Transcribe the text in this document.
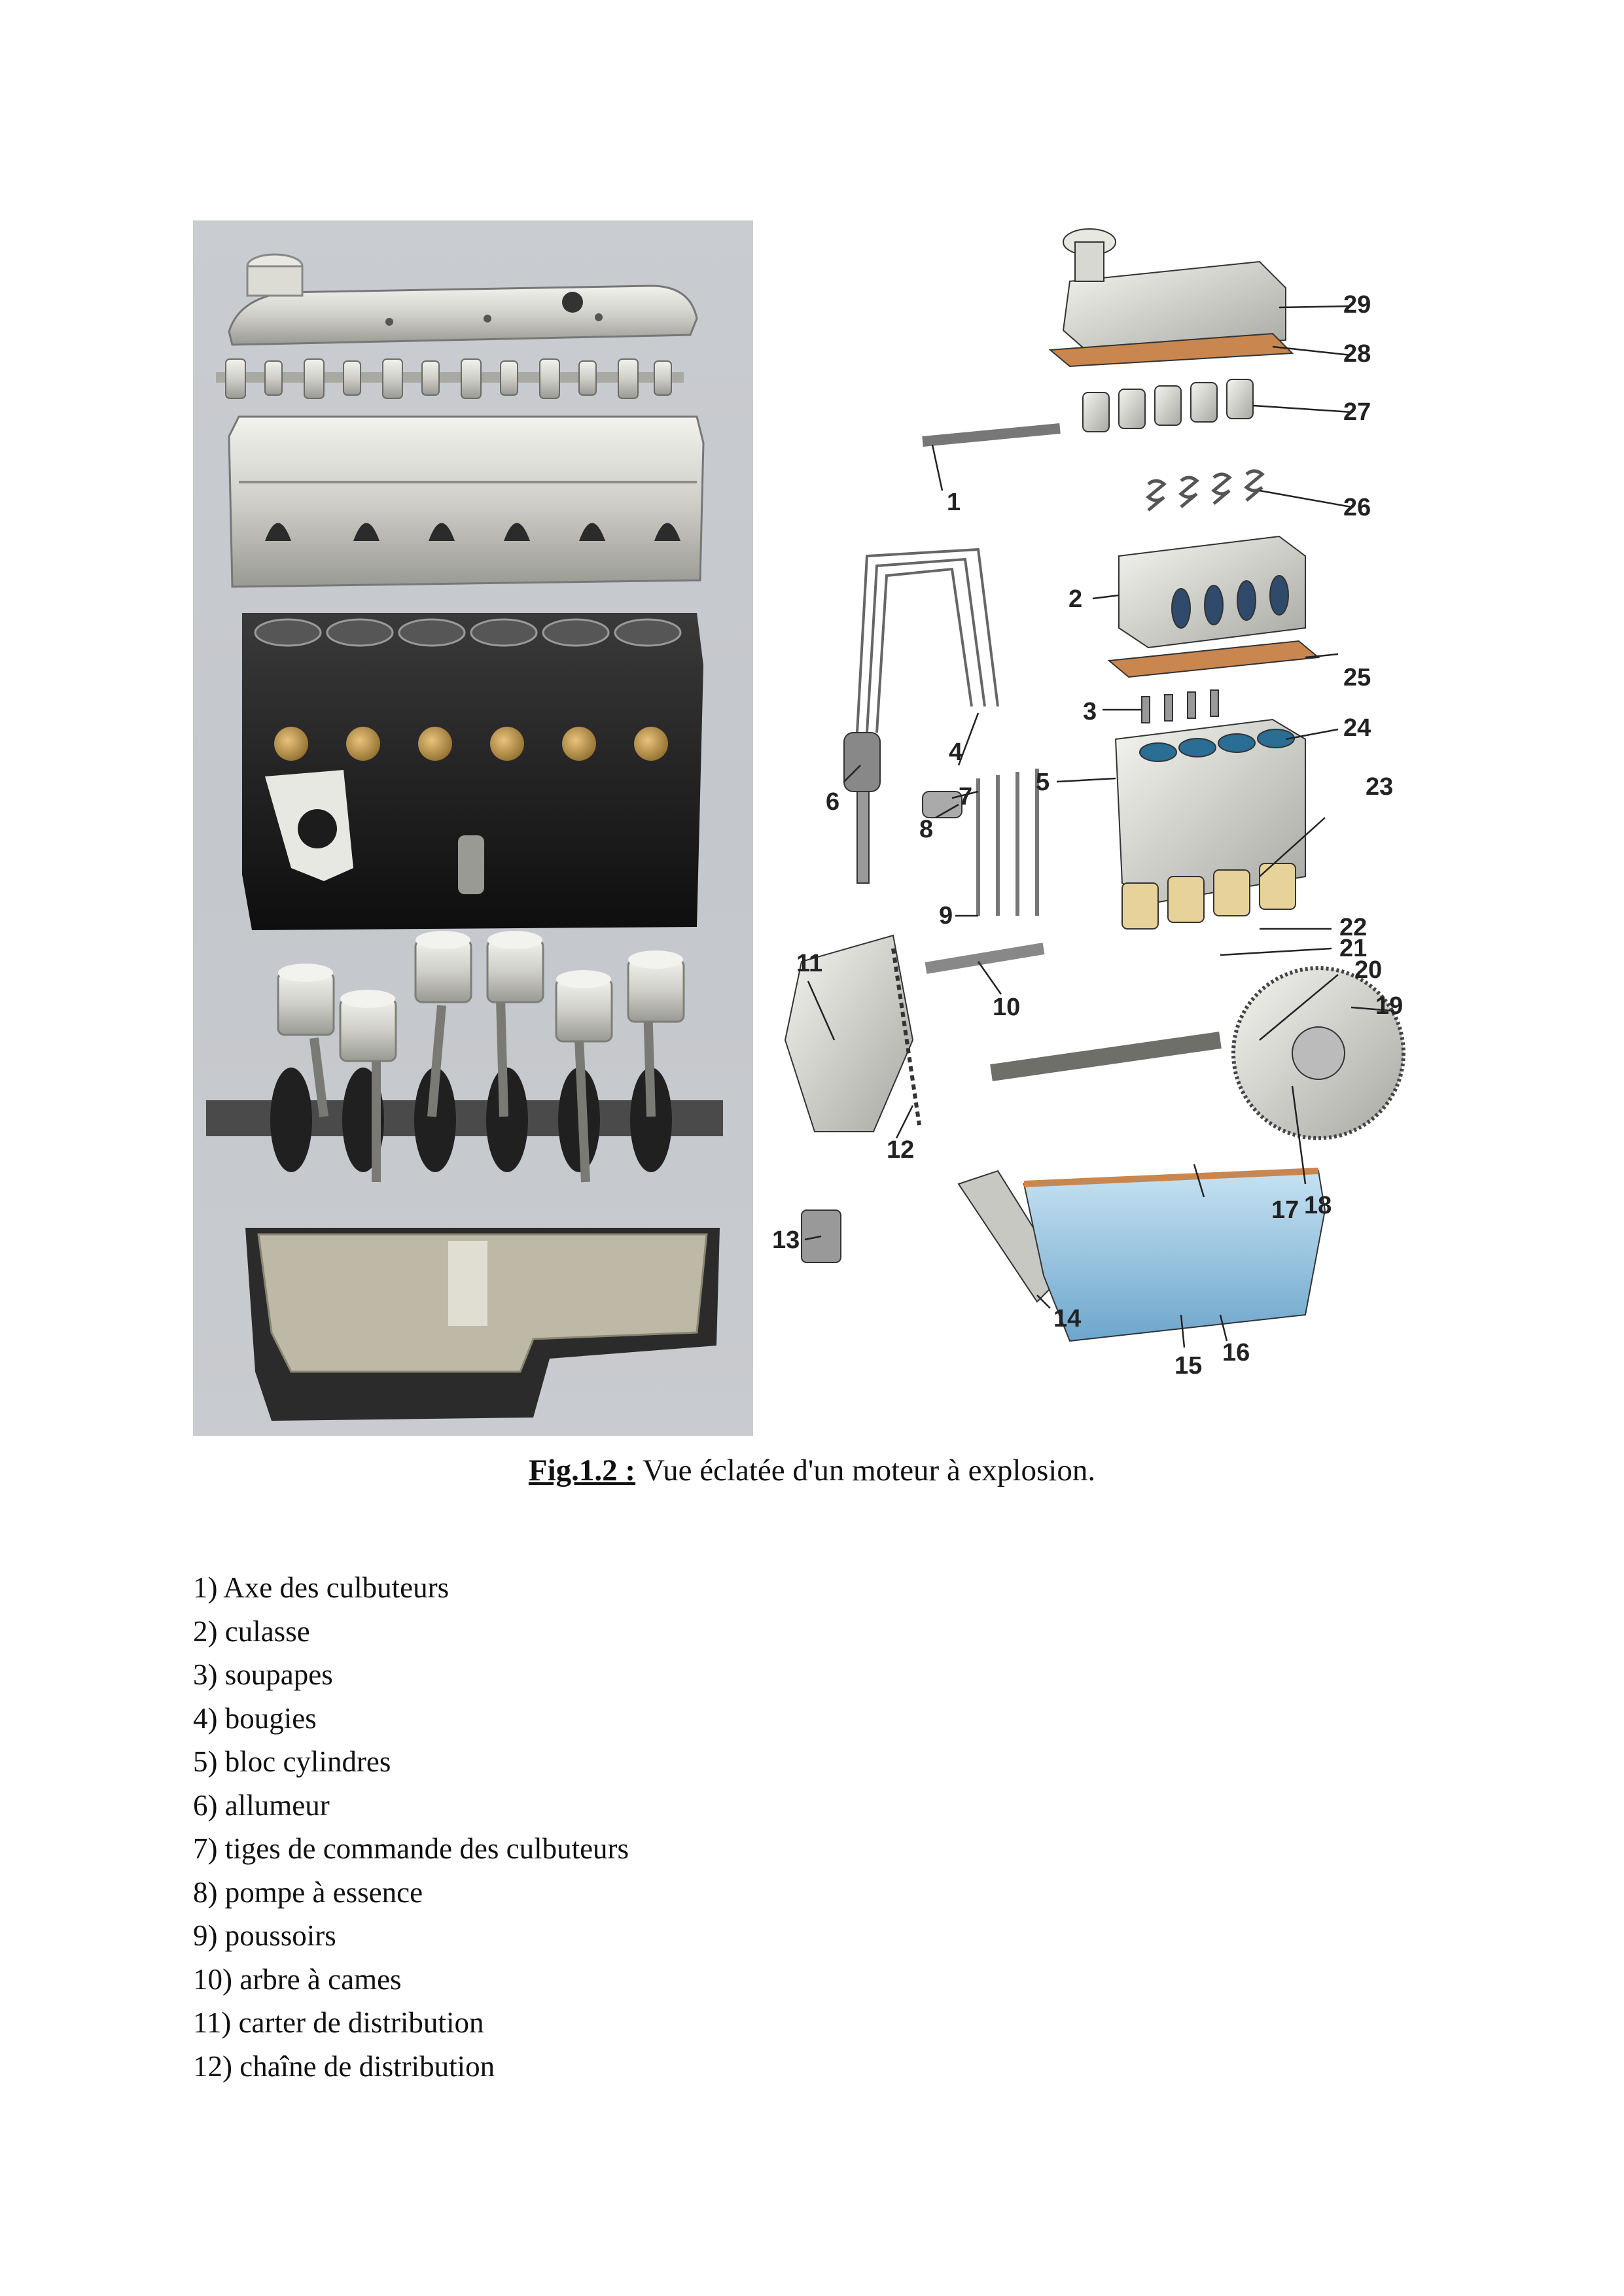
1
2
3
4
5
6	7
8
9
10
11
12
13
14
15 16
17 18
19
20
21
22
23
24
25
26
27
28
29
Fig.1.2 : Vue éclatée d'un moteur à explosion.
1) Axe des culbuteurs
2) culasse
3) soupapes
4) bougies
5) bloc cylindres
6) allumeur
7) tiges de commande des culbuteurs
8) pompe à essence
9) poussoirs
10) arbre à cames
11) carter de distribution
12) chaîne de distribution
